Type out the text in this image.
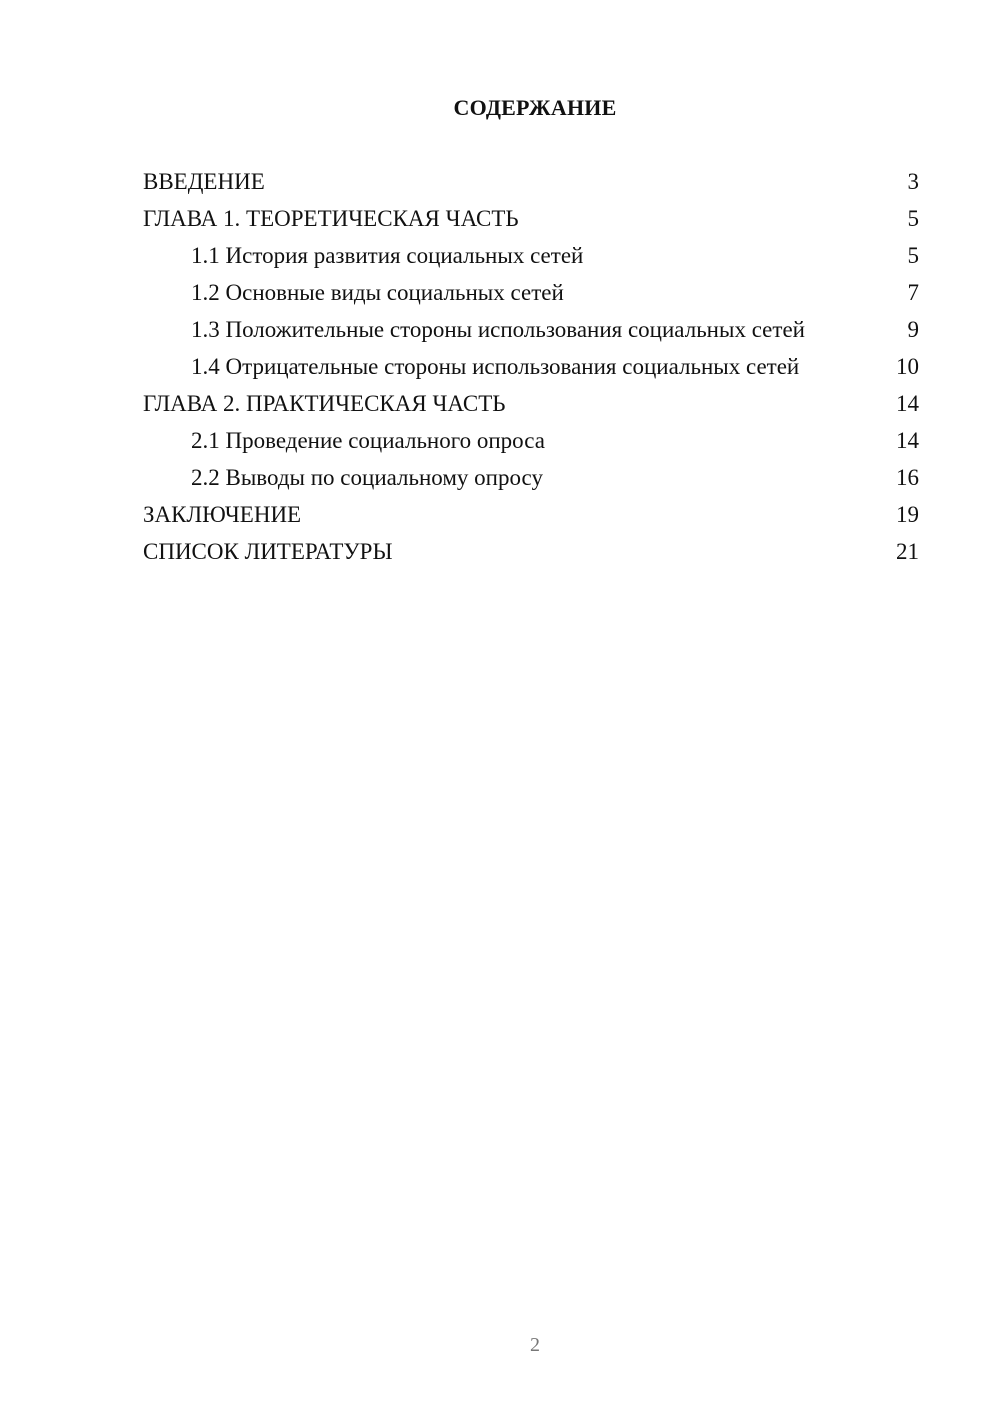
СОДЕРЖАНИЕ
ВВЕДЕНИЕ	3
ГЛАВА 1. ТЕОРЕТИЧЕСКАЯ ЧАСТЬ	5
1.1 История развития социальных сетей	5
1.2 Основные виды социальных сетей	7
1.3 Положительные стороны использования социальных сетей	9
1.4 Отрицательные стороны использования социальных сетей	10
ГЛАВА 2. ПРАКТИЧЕСКАЯ ЧАСТЬ	14
2.1 Проведение социального опроса	14
2.2 Выводы по социальному опросу	16
ЗАКЛЮЧЕНИЕ	19
СПИСОК ЛИТЕРАТУРЫ	21
2
